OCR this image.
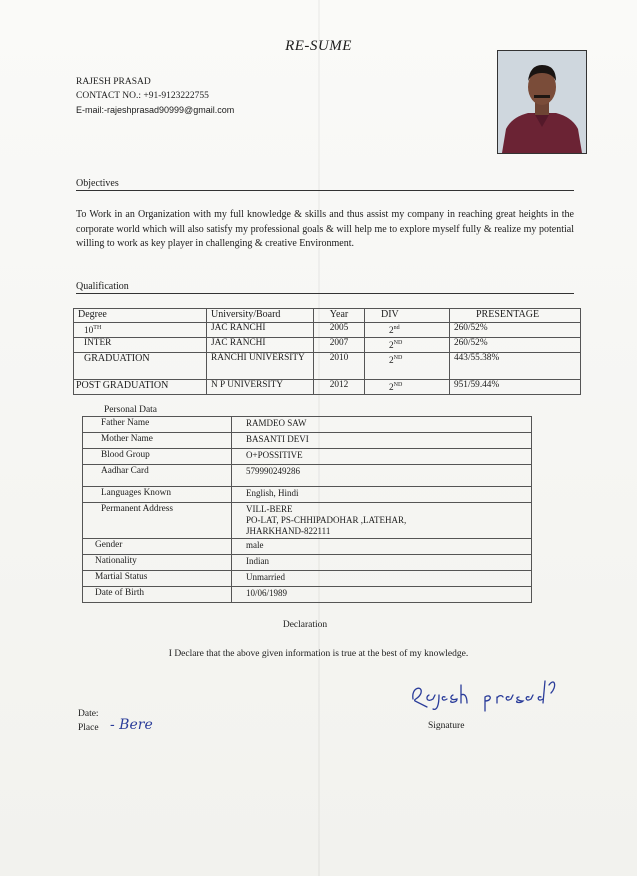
RE-SUME
RAJESH PRASAD
CONTACT NO.: +91-9123222755
E-mail:-rajeshprasad90999@gmail.com
Objectives
To Work in an Organization with my full knowledge & skills and thus assist my company in reaching great heights in the corporate world which will also satisfy my professional goals & will help me to explore myself fully & realize my potential willing to work as key player in challenging & creative Environment.
Qualification
Degree	University/Board	Year	DIV	PRESENTAGE
10TH	JAC RANCHI	2005	2nd	260/52%
INTER	JAC RANCHI	2007	2ND	260/52%
GRADUATION	RANCHI UNIVERSITY	2010	2ND	443/55.38%
POST GRADUATION	N P UNIVERSITY	2012	2ND	951/59.44%
Personal Data
Father Name	RAMDEO SAW
Mother Name	BASANTI DEVI
Blood Group	O+POSSITIVE
Aadhar Card	579990249286
Languages Known	English, Hindi
Permanent Address	VILL-BERE
PO-LAT, PS-CHHIPADOHAR ,LATEHAR,
JHARKHAND-822111

Gender	male
Nationality	Indian
Martial Status	Unmarried
Date of Birth	10/06/1989
Declaration
I Declare that the above given information is true at the best of my knowledge.
Date:
Place - Bere	Signature
